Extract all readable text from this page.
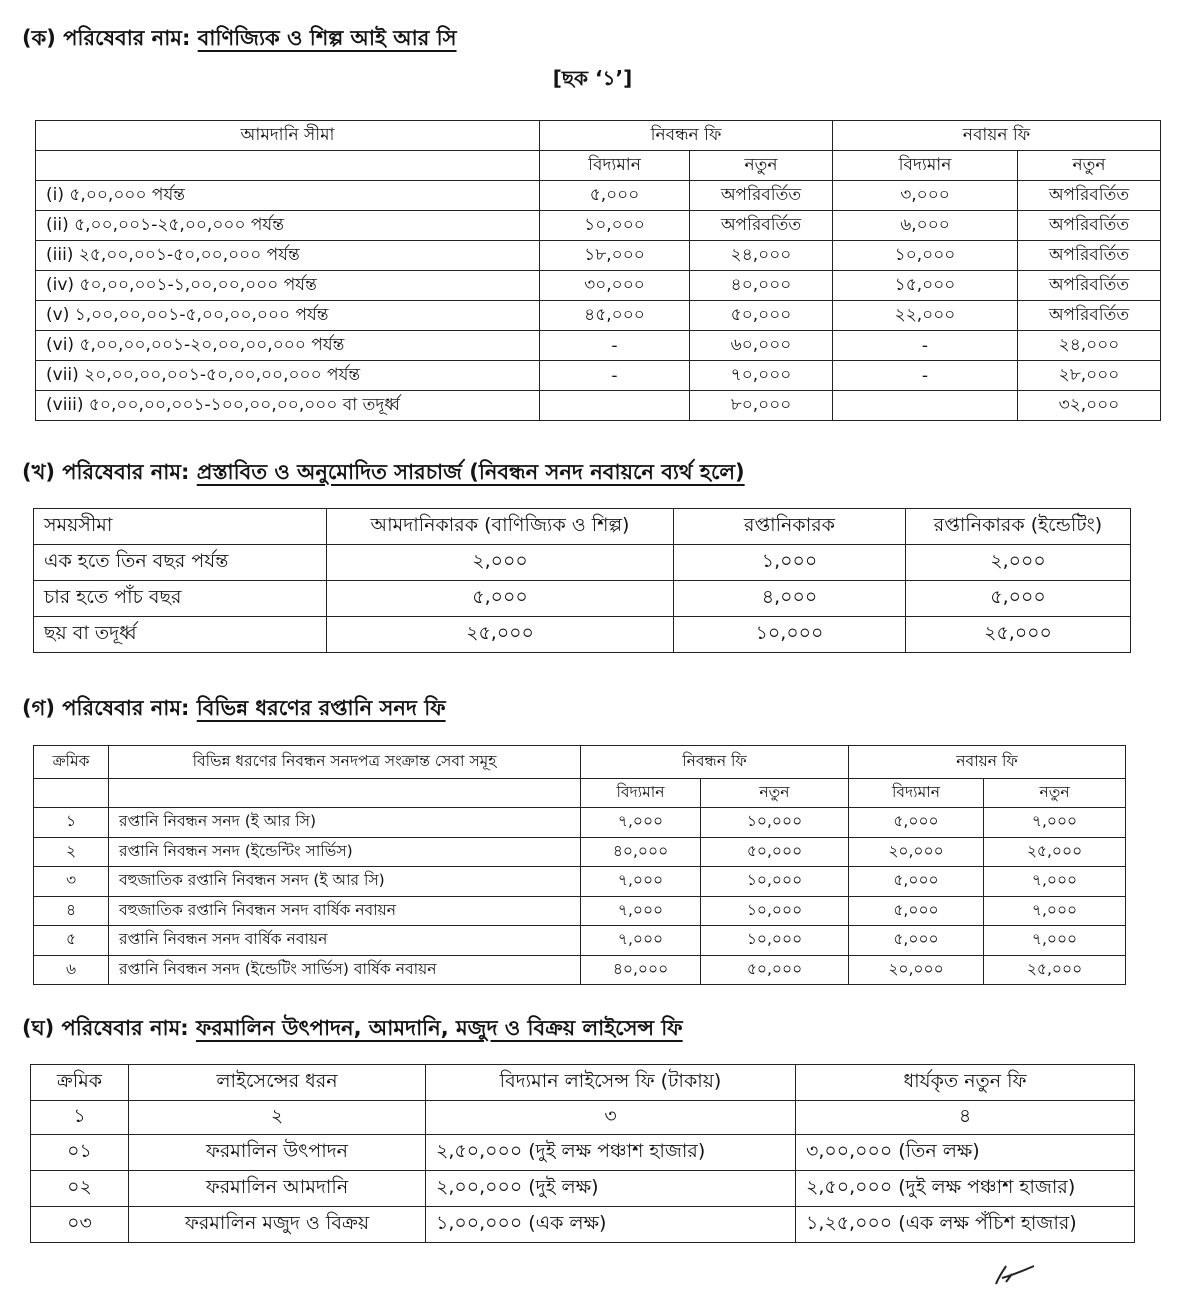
(ক) পরিষেবার নাম: বাণিজ্যিক ও শিল্প আই আর সি
[ছক ‘১’]
আমদানি সীমা	নিবন্ধন ফি		নবায়ন ফি	
	বিদ্যমান	নতুন	বিদ্যমান	নতুন
(i) ৫,০০,০০০ পর্যন্ত	৫,০০০	অপরিবর্তিত	৩,০০০	অপরিবর্তিত
(ii) ৫,০০,০০১-২৫,০০,০০০ পর্যন্ত	১০,০০০	অপরিবর্তিত	৬,০০০	অপরিবর্তিত
(iii) ২৫,০০,০০১-৫০,০০,০০০ পর্যন্ত	১৮,০০০	২৪,০০০	১০,০০০	অপরিবর্তিত
(iv) ৫০,০০,০০১-১,০০,০০,০০০ পর্যন্ত	৩০,০০০	৪০,০০০	১৫,০০০	অপরিবর্তিত
(v) ১,০০,০০,০০১-৫,০০,০০,০০০ পর্যন্ত	৪৫,০০০	৫০,০০০	২২,০০০	অপরিবর্তিত
(vi) ৫,০০,০০,০০১-২০,০০,০০,০০০ পর্যন্ত	-	৬০,০০০	-	২৪,০০০
(vii) ২০,০০,০০,০০১-৫০,০০,০০,০০০ পর্যন্ত	-	৭০,০০০	-	২৮,০০০
(viii) ৫০,০০,০০,০০১-১০০,০০,০০,০০০ বা তদূর্ধ্ব		৮০,০০০		৩২,০০০
(খ) পরিষেবার নাম: প্রস্তাবিত ও অনুমোদিত সারচার্জ (নিবন্ধন সনদ নবায়নে ব্যর্থ হলে)
সময়সীমা	আমদানিকারক (বাণিজ্যিক ও শিল্প)	রপ্তানিকারক	রপ্তানিকারক (ইন্ডেটিং)
এক হতে তিন বছর পর্যন্ত	২,০০০	১,০০০	২,০০০
চার হতে পাঁচ বছর	৫,০০০	৪,০০০	৫,০০০
ছয় বা তদূর্ধ্ব	২৫,০০০	১০,০০০	২৫,০০০
(গ) পরিষেবার নাম: বিভিন্ন ধরণের রপ্তানি সনদ ফি
ক্রমিক	বিভিন্ন ধরণের নিবন্ধন সনদপত্র সংক্রান্ত সেবা সমূহ	নিবন্ধন ফি		নবায়ন ফি	
		বিদ্যমান	নতুন	বিদ্যমান	নতুন
১	রপ্তানি নিবন্ধন সনদ (ই আর সি)	৭,০০০	১০,০০০	৫,০০০	৭,০০০
২	রপ্তানি নিবন্ধন সনদ (ইন্ডেন্টিং সার্ভিস)	৪০,০০০	৫০,০০০	২০,০০০	২৫,০০০
৩	বহুজাতিক রপ্তানি নিবন্ধন সনদ (ই আর সি)	৭,০০০	১০,০০০	৫,০০০	৭,০০০
৪	বহুজাতিক রপ্তানি নিবন্ধন সনদ বার্ষিক নবায়ন	৭,০০০	১০,০০০	৫,০০০	৭,০০০
৫	রপ্তানি নিবন্ধন সনদ বার্ষিক নবায়ন	৭,০০০	১০,০০০	৫,০০০	৭,০০০
৬	রপ্তানি নিবন্ধন সনদ (ইন্ডেটিং সার্ভিস) বার্ষিক নবায়ন	৪০,০০০	৫০,০০০	২০,০০০	২৫,০০০
(ঘ) পরিষেবার নাম: ফরমালিন উৎপাদন, আমদানি, মজুদ ও বিক্রয় লাইসেন্স ফি
ক্রমিক	লাইসেন্সের ধরন	বিদ্যমান লাইসেন্স ফি (টাকায়)	ধার্যকৃত নতুন ফি
১	২	৩	৪
০১	ফরমালিন উৎপাদন	২,৫০,০০০ (দুই লক্ষ পঞ্চাশ হাজার)	৩,০০,০০০ (তিন লক্ষ)
০২	ফরমালিন আমদানি	২,০০,০০০ (দুই লক্ষ)	২,৫০,০০০ (দুই লক্ষ পঞ্চাশ হাজার)
০৩	ফরমালিন মজুদ ও বিক্রয়	১,০০,০০০ (এক লক্ষ)	১,২৫,০০০ (এক লক্ষ পঁচিশ হাজার)
